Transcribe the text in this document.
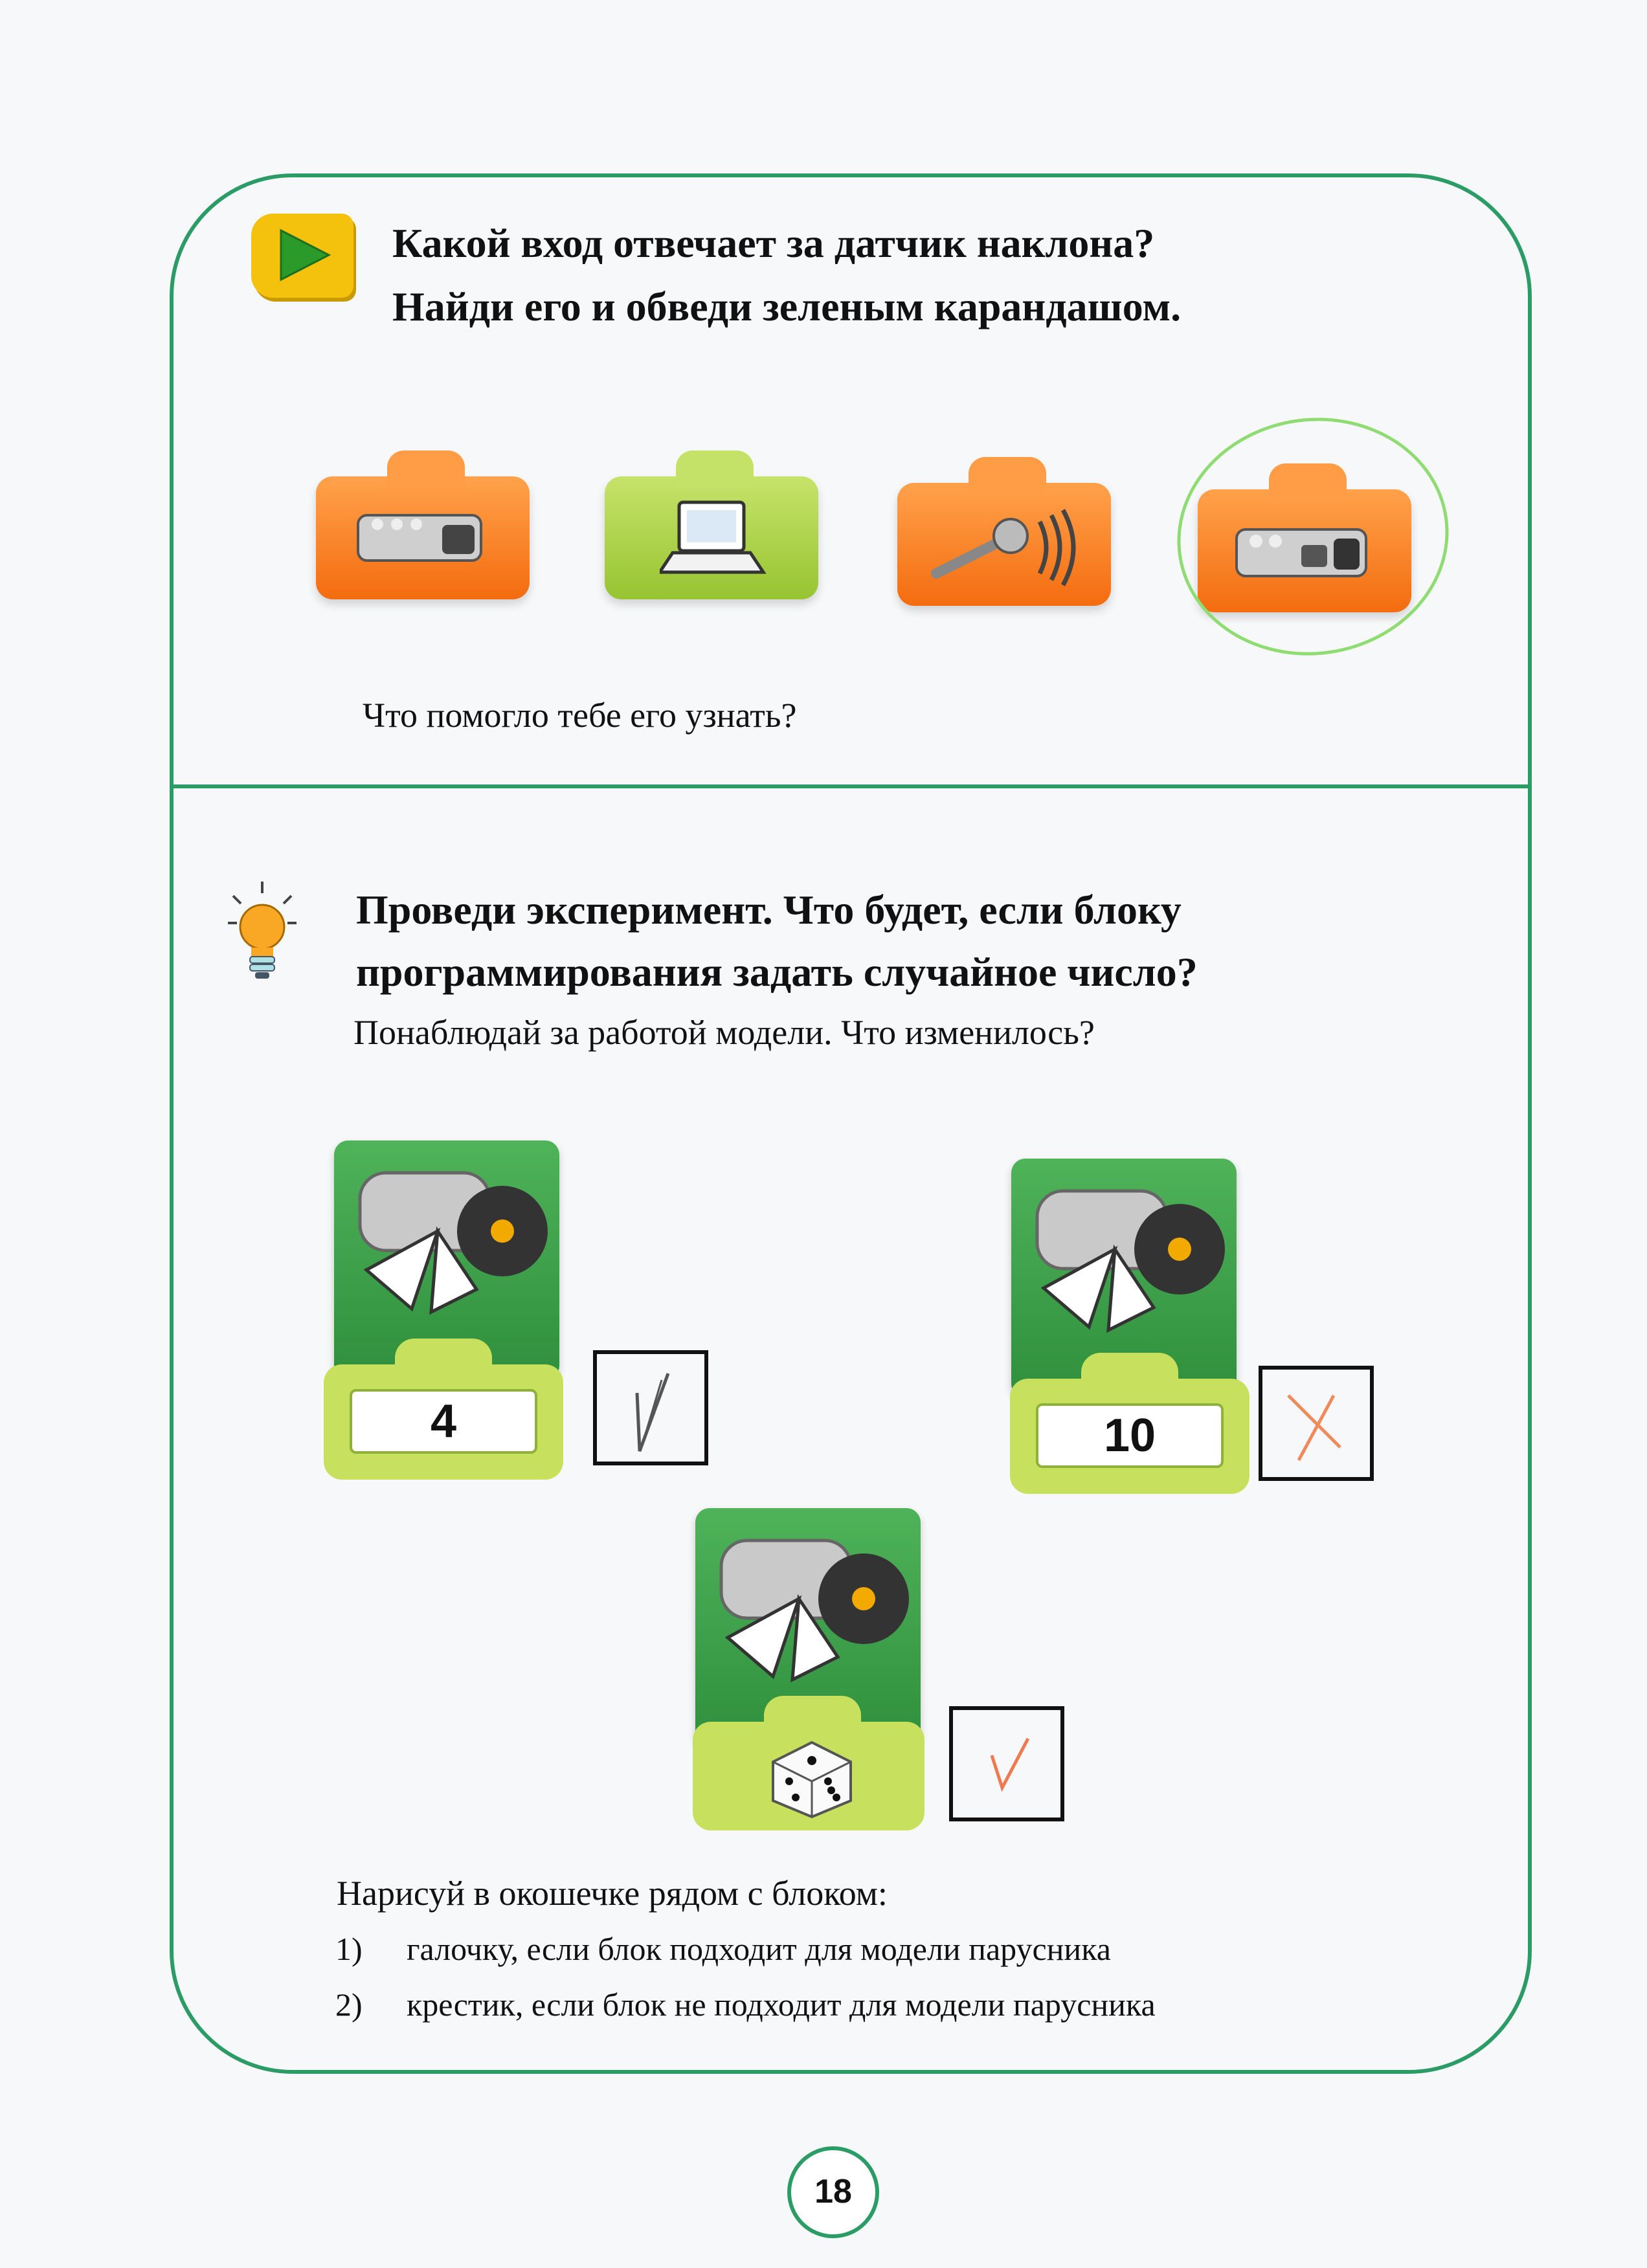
Какой вход отвечает за датчик наклона?
Найди его и обведи зеленым карандашом.
Что помогло тебе его узнать?
Проведи эксперимент. Что будет, если блоку
программирования задать случайное число?
Понаблюдай за работой модели. Что изменилось?
4	10
Нарисуй в окошечке рядом с блоком:
1) галочку, если блок подходит для модели парусника
2) крестик, если блок не подходит для модели парусника
18
